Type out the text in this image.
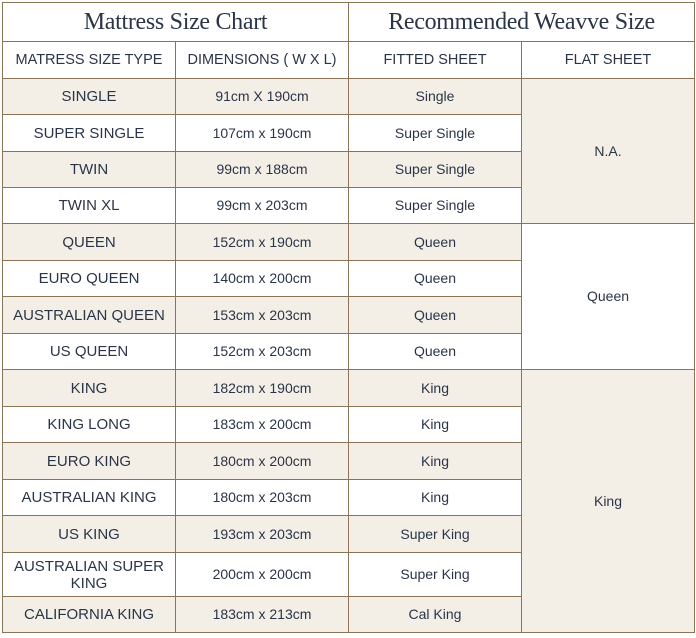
Mattress Size Chart		Recommended Weavve Size	
MATRESS SIZE TYPE	DIMENSIONS ( W X L)	FITTED SHEET	FLAT SHEET
SINGLE	91cm X 190cm	Single	N.A.
SUPER SINGLE	107cm x 190cm	Super Single	
TWIN	99cm x 188cm	Super Single	
TWIN XL	99cm x 203cm	Super Single	
QUEEN	152cm x 190cm	Queen	Queen
EURO QUEEN	140cm x 200cm	Queen	
AUSTRALIAN QUEEN	153cm x 203cm	Queen	
US QUEEN	152cm x 203cm	Queen	
KING	182cm x 190cm	King	King
KING LONG	183cm x 200cm	King	
EURO KING	180cm x 200cm	King	
AUSTRALIAN KING	180cm x 203cm	King	
US KING	193cm x 203cm	Super King	
AUSTRALIAN SUPER KING	200cm x 200cm	Super King	
CALIFORNIA KING	183cm x 213cm	Cal King	
